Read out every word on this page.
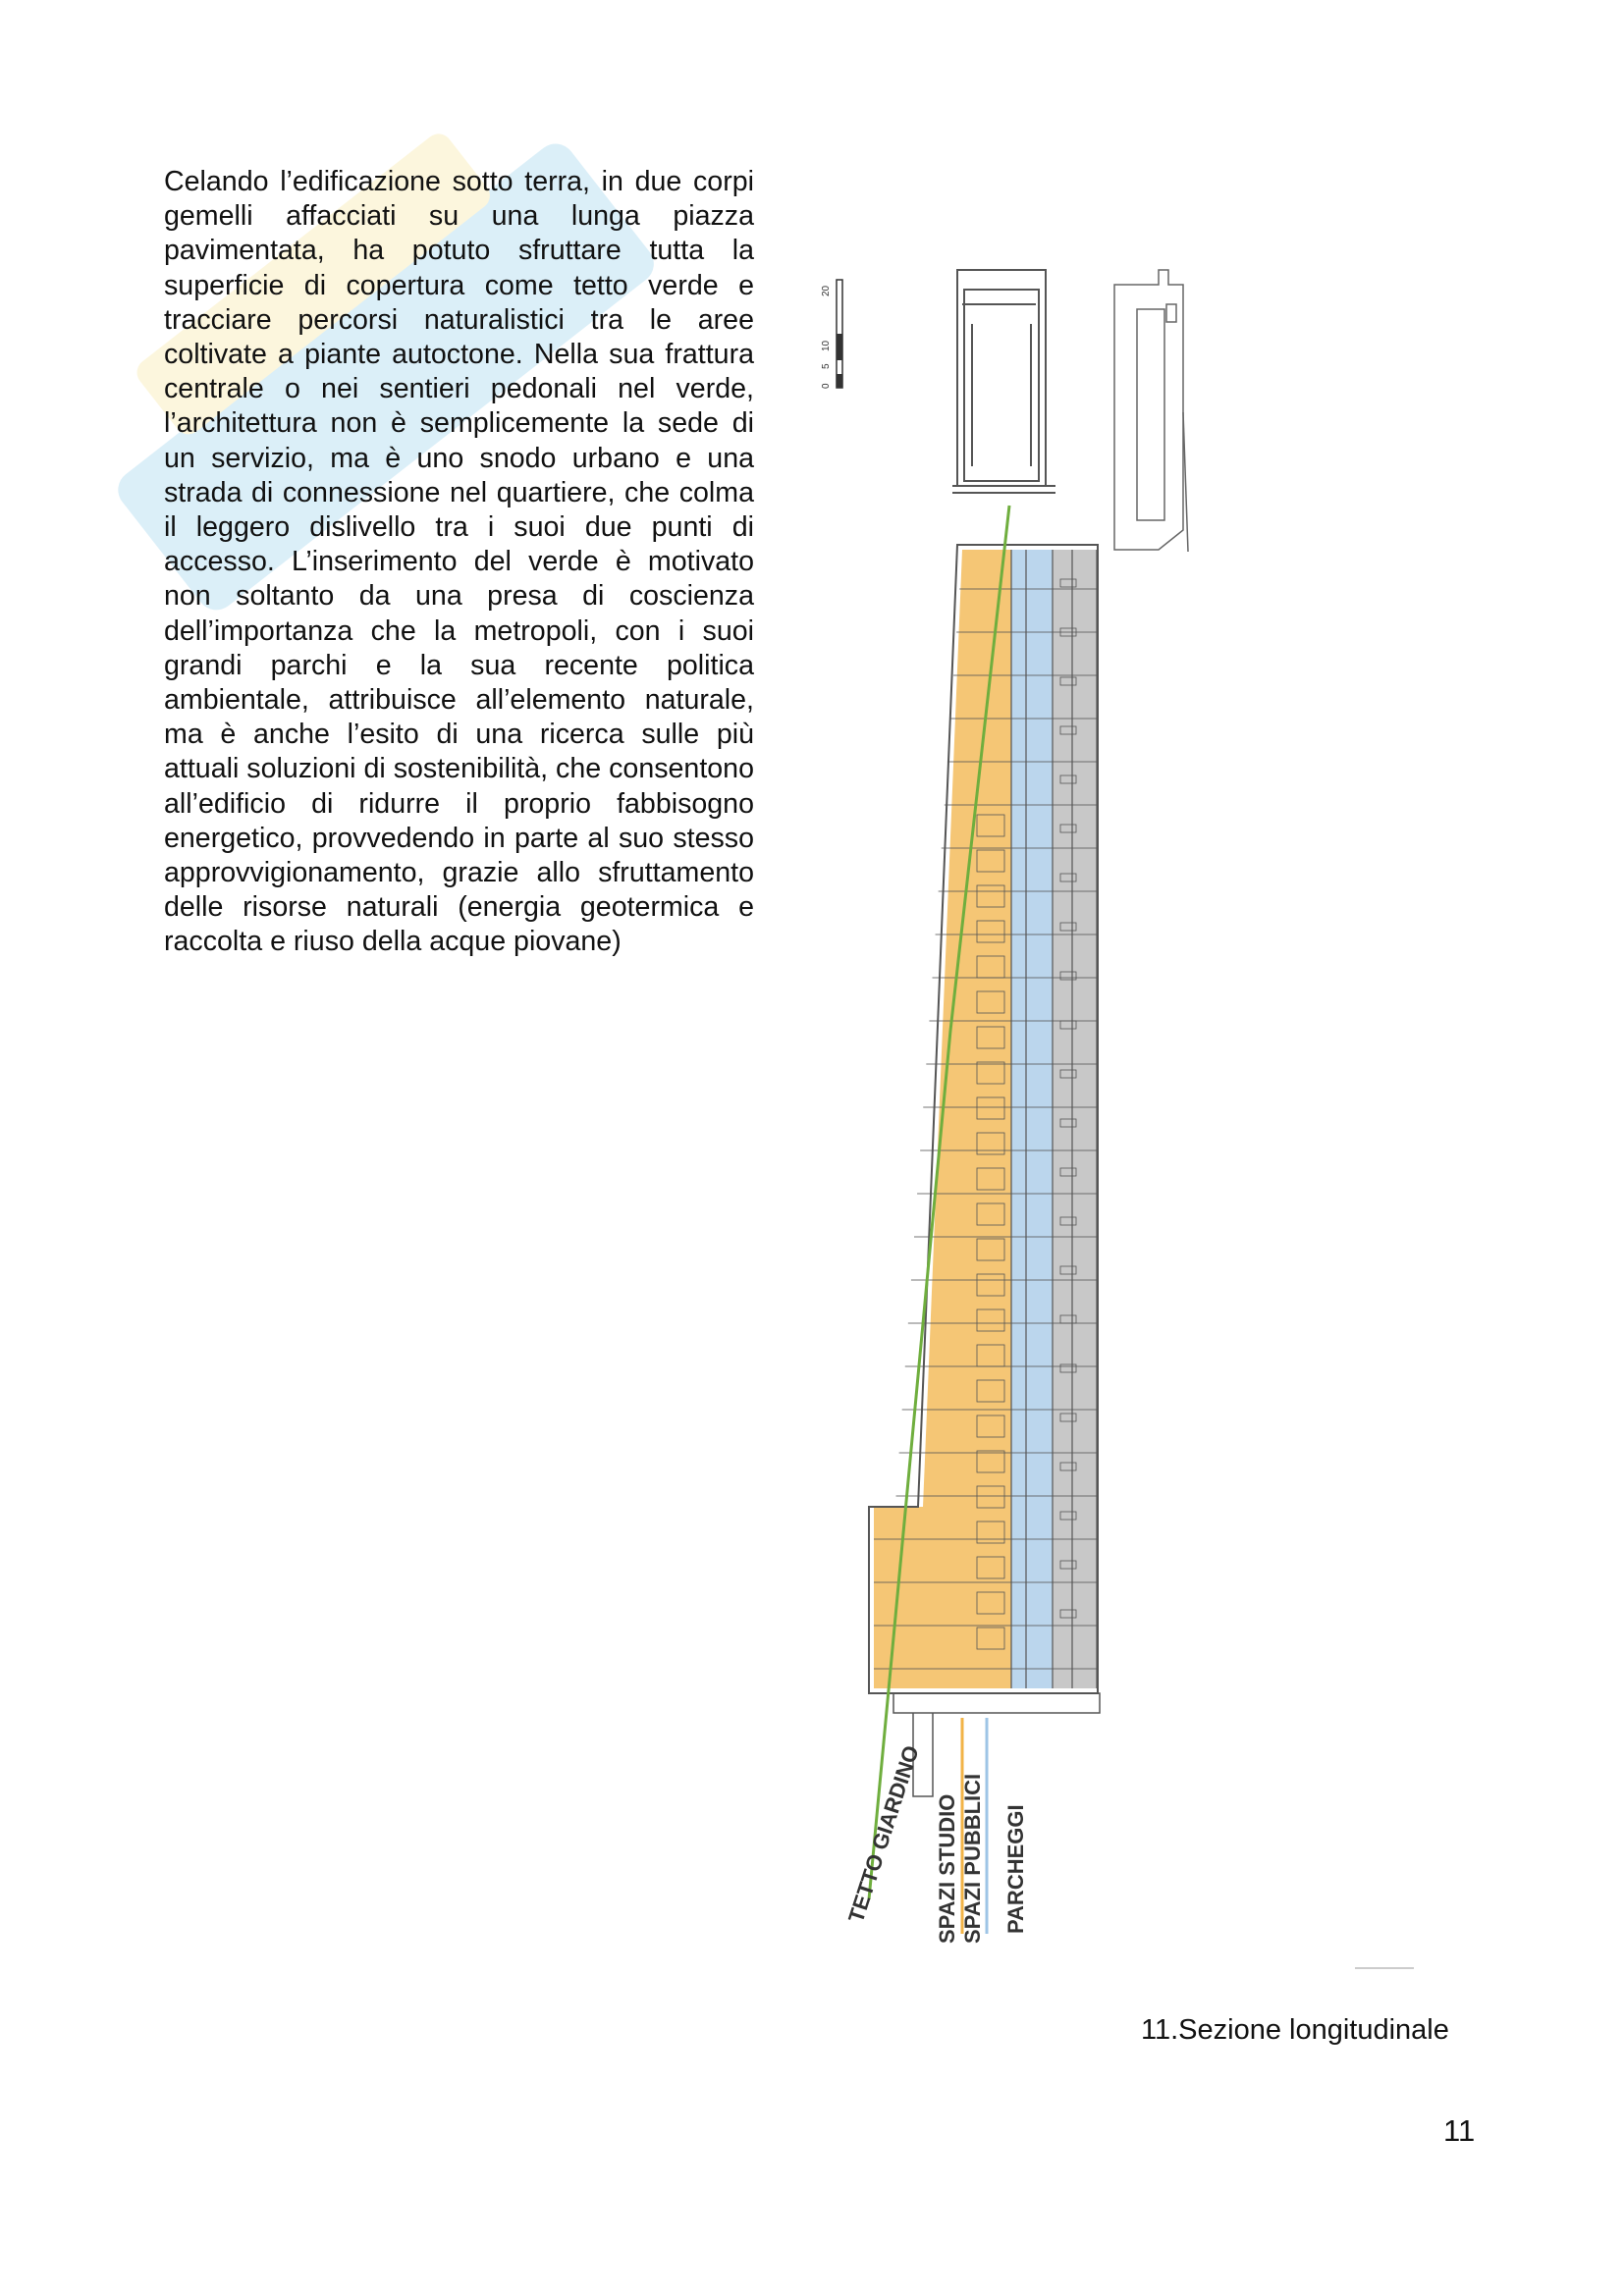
Celando l’edificazione sotto terra, in due corpi gemelli affacciati su una lunga piazza pavimentata, ha potuto sfruttare tutta la superficie di copertura come tetto verde e tracciare percorsi naturalistici tra le aree coltivate a piante autoctone. Nella sua frattura centrale o nei sentieri pedonali nel verde, l’architettura non è semplicemente la sede di un servizio, ma è uno snodo urbano e una strada di connessione nel quartiere, che colma il leggero dislivello tra i suoi due punti di accesso. L’inserimento del verde è motivato non soltanto da una presa di coscienza dell’importanza che la metropoli, con i suoi grandi parchi e la sua recente politica ambientale, attribuisce all’elemento naturale, ma è anche l’esito di una ricerca sulle più attuali soluzioni di sostenibilità, che consentono all’edificio di ridurre il proprio fabbisogno energetico, provvedendo in parte al suo stesso approvvigionamento, grazie allo sfruttamento delle risorse naturali (energia geotermica e raccolta e riuso della acque piovane)

0
5
10
20
TETTO GIARDINO SPAZI STUDIO SPAZI PUBBLICI PARCHEGGI
11.Sezione longitudinale
11
